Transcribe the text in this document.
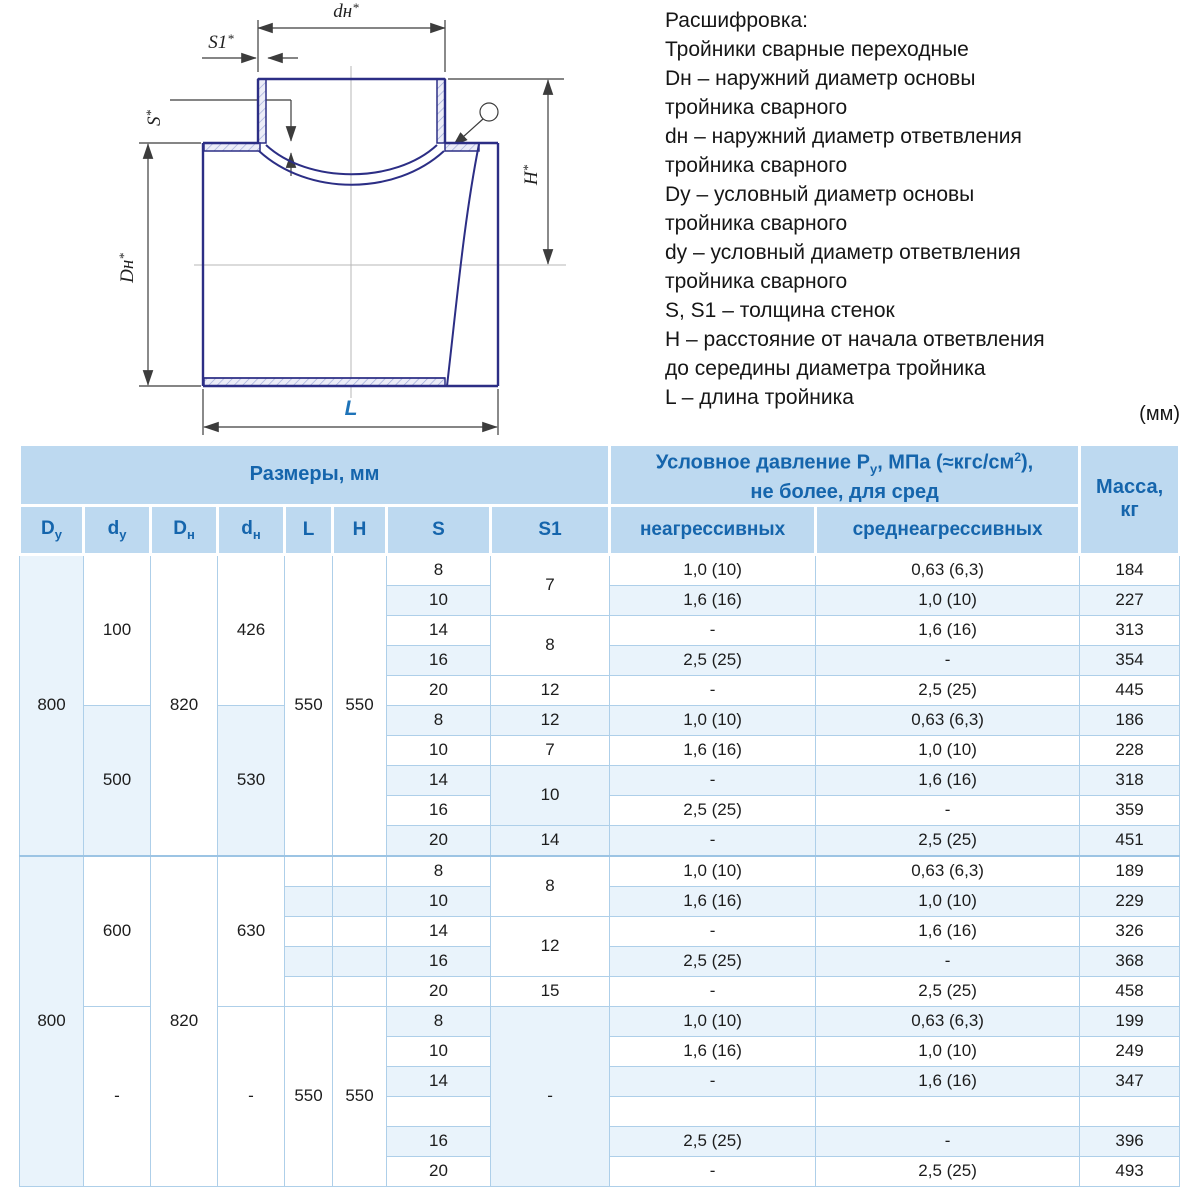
dн*
S1*
S*
H*
Dн*
L
Расшифровка:
Тройники сварные переходные
Dн – наружний диаметр основы
тройника сварного
dн – наружний диаметр ответвления
тройника сварного
Dу – условный диаметр основы
тройника сварного
dу – условный диаметр ответвления
тройника сварного
S, S1 – толщина стенок
H – расстояние от начала ответвления
до середины диаметра тройника
L – длина тройника
(мм)
Размеры, мм	
Условное давление $P_у$, МПа $(\approx кгс/см^2)$,
не более, для сред	Масса,
кг

$D_у$	$d_у$	$D_н$	$d_н$	L	H	S	S1	неагрессивных	среднеагрессивных	
800	100	820	426	550	550	8	7	1,0 (10)	0,63 (6,3)	184
						10		1,6 (16)	1,0 (10)	227
						14	8	-	1,6 (16)	313
						16		2,5 (25)	-	354
						20	12	-	2,5 (25)	445
	500		530			8	12	1,0 (10)	0,63 (6,3)	186
						10	7	1,6 (16)	1,0 (10)	228
						14	10	-	1,6 (16)	318
						16		2,5 (25)	-	359
						20	14	-	2,5 (25)	451
800	600	820	630			8	8	1,0 (10)	0,63 (6,3)	189
						10		1,6 (16)	1,0 (10)	229
						14	12	-	1,6 (16)	326
						16		2,5 (25)	-	368
						20	15	-	2,5 (25)	458
	-		-	550	550	8	-	1,0 (10)	0,63 (6,3)	199
						10		1,6 (16)	1,0 (10)	249
						14		-	1,6 (16)	347

						16		2,5 (25)	-	396
						20		-	2,5 (25)	493
